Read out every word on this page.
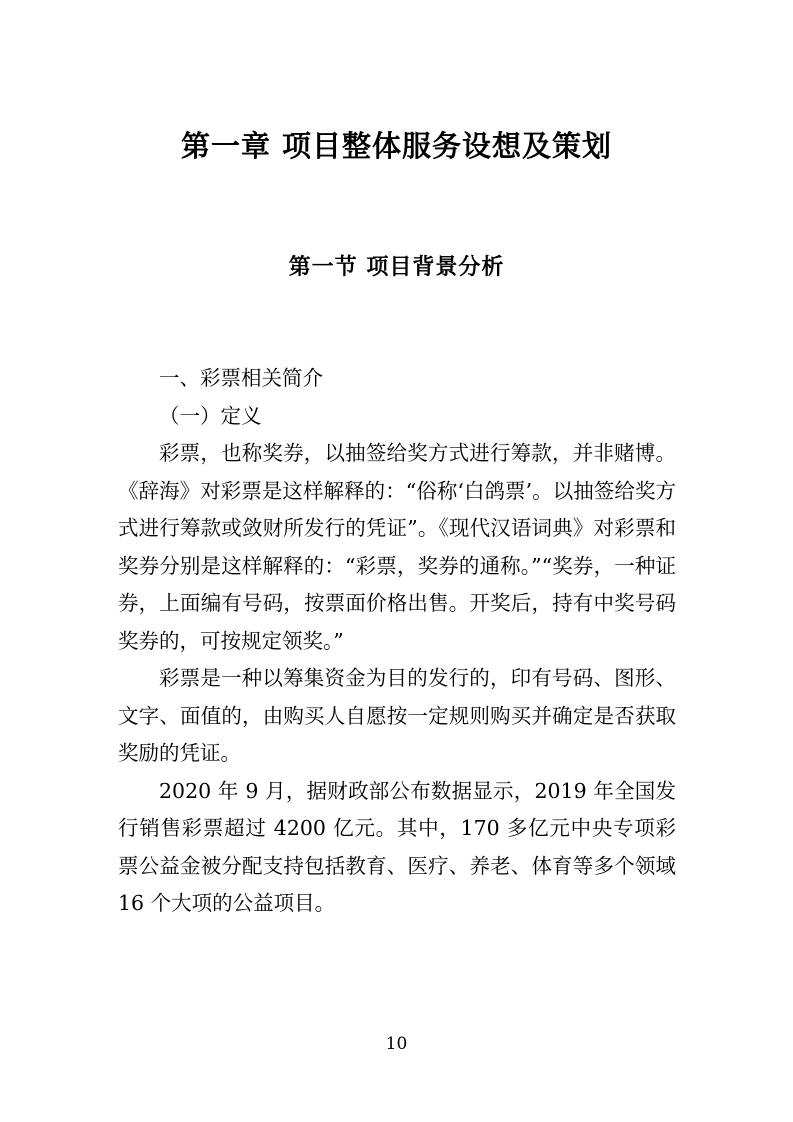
第一章 项目整体服务设想及策划
第一节 项目背景分析

一、彩票相关简介

（一）定义

彩票，也称奖券，以抽签给奖方式进行筹款，并非赌博。《辞海》对彩票是这样解释的：“俗称‘白鸽票’。以抽签给奖方式进行筹款或敛财所发行的凭证”。《现代汉语词典》对彩票和奖券分别是这样解释的：“彩票，奖券的通称。”“奖券，一种证券，上面编有号码，按票面价格出售。开奖后，持有中奖号码奖券的，可按规定领奖。”

彩票是一种以筹集资金为目的发行的，印有号码、图形、文字、面值的，由购买人自愿按一定规则购买并确定是否获取奖励的凭证。

2020 年 9 月，据财政部公布数据显示，2019 年全国发行销售彩票超过 4200 亿元。其中，170 多亿元中央专项彩票公益金被分配支持包括教育、医疗、养老、体育等多个领域 16 个大项的公益项目。

10
